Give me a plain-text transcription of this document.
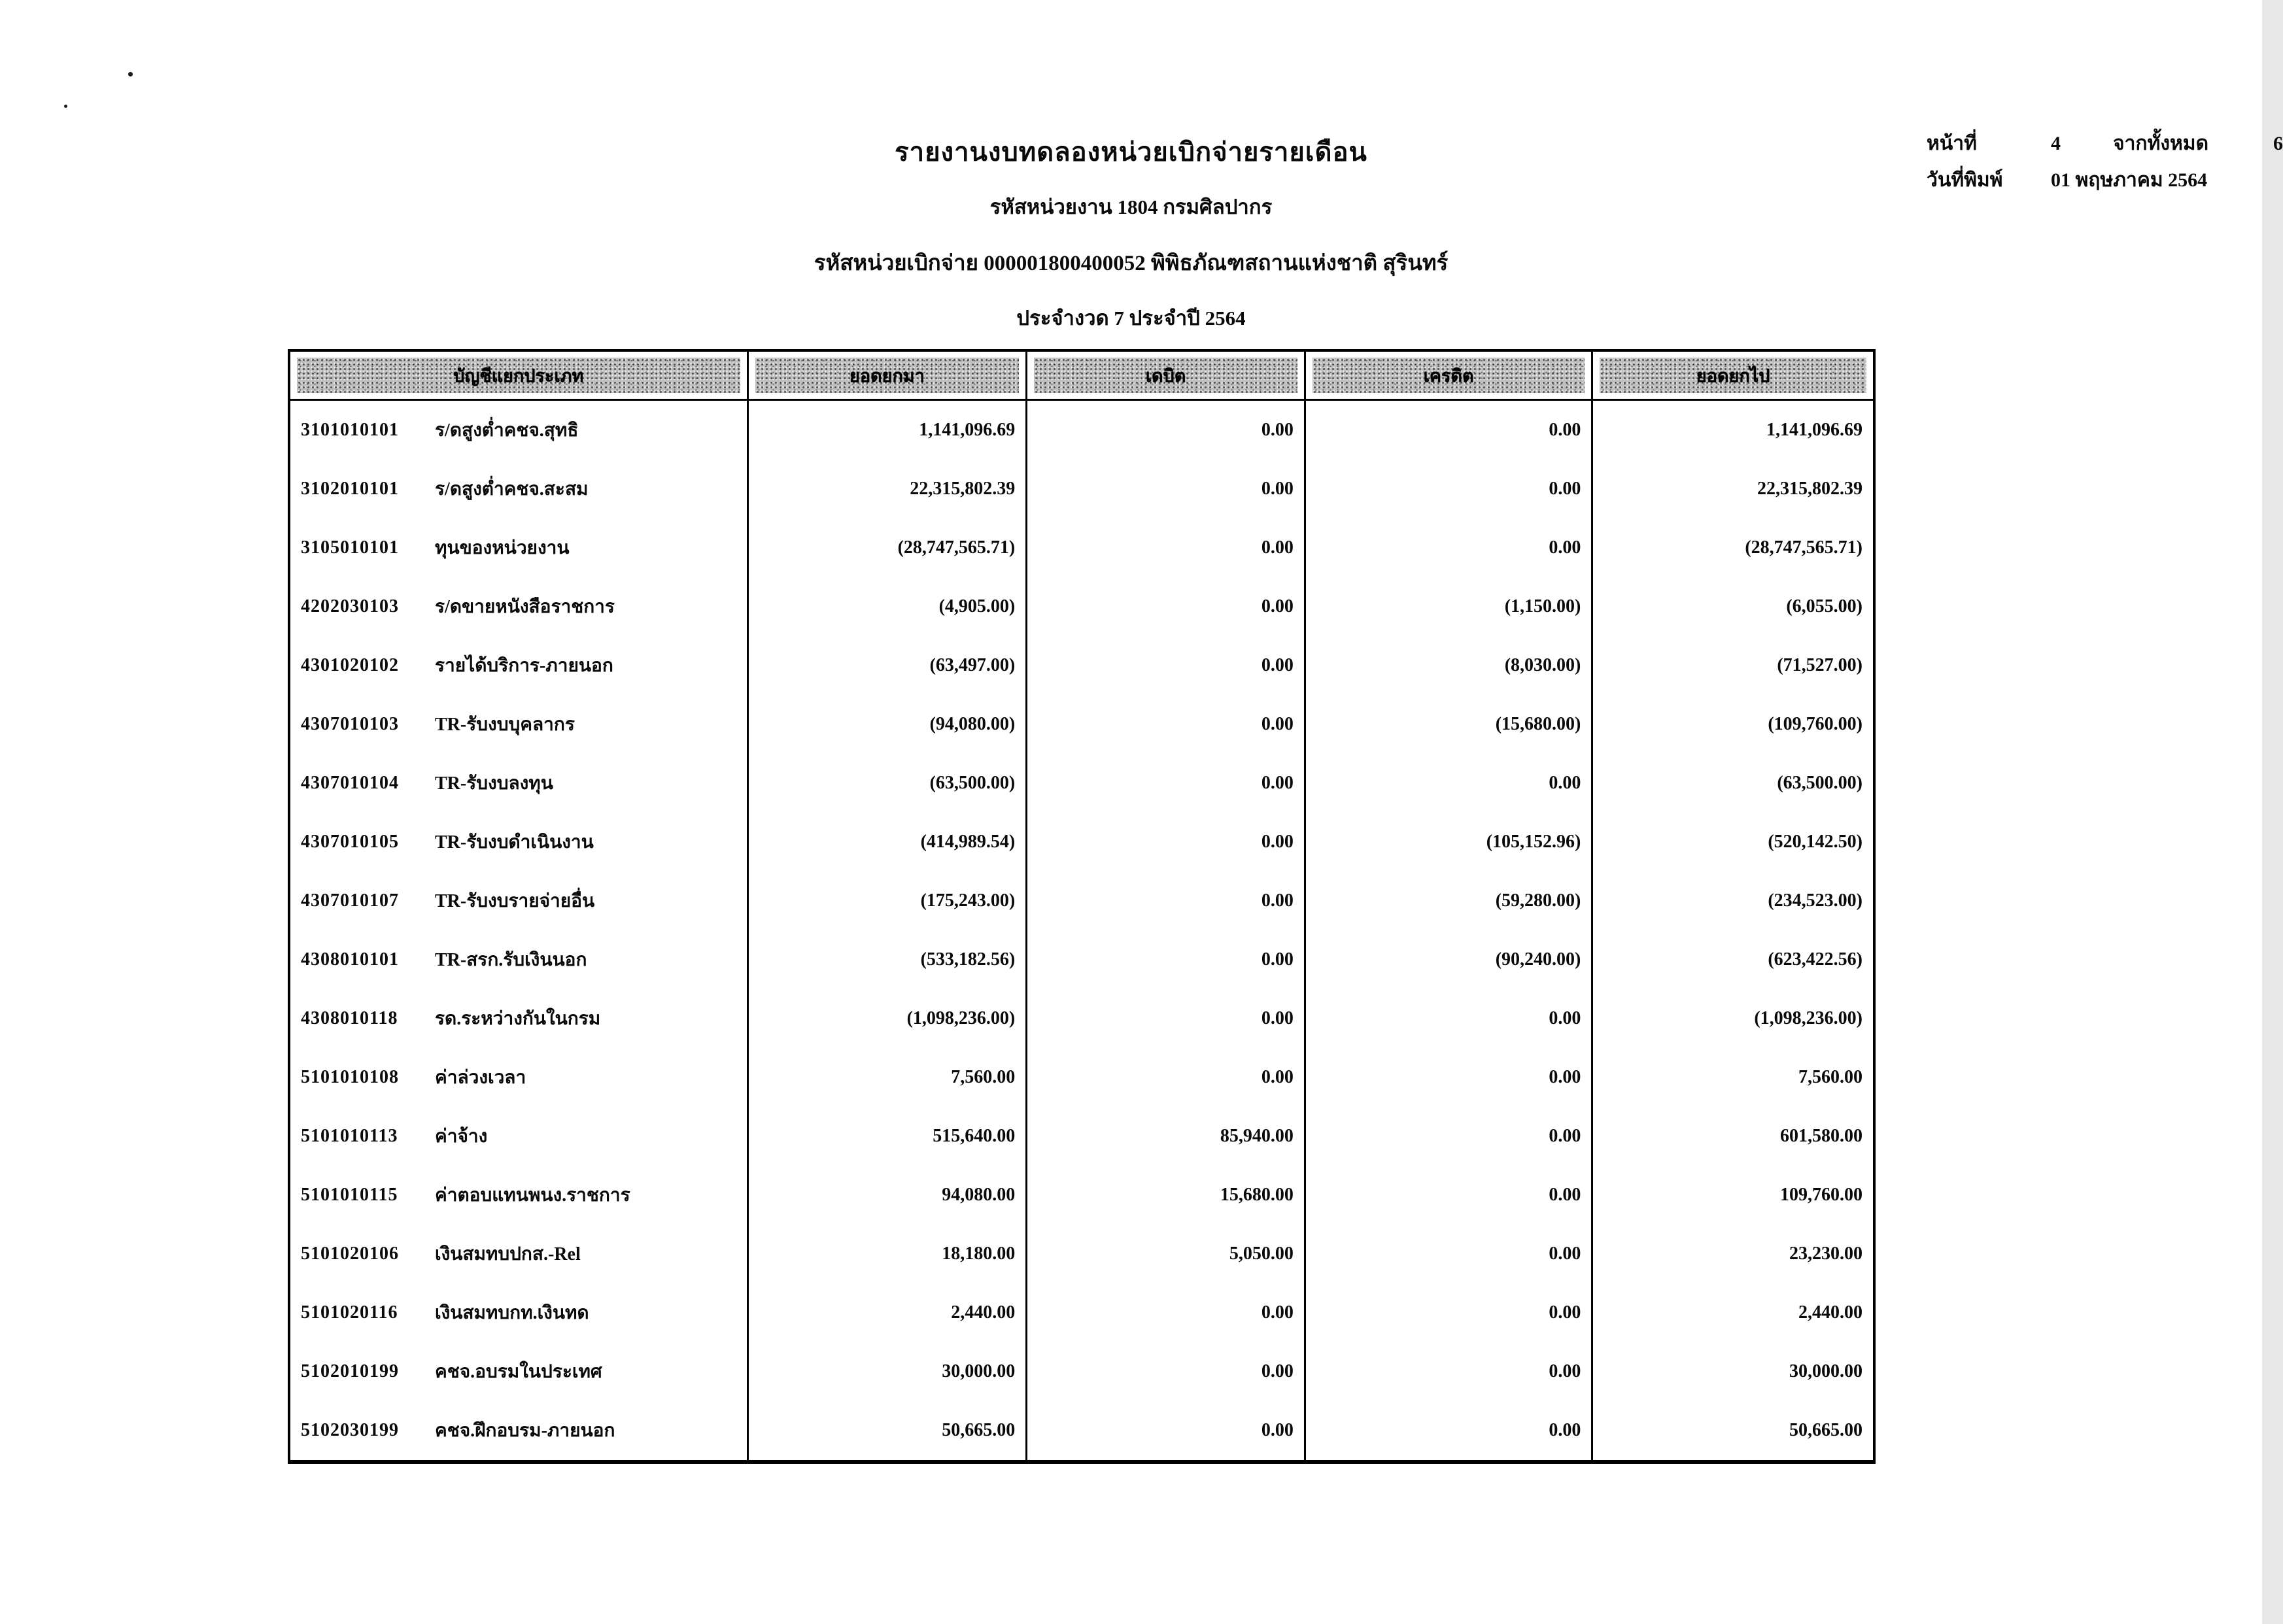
รายงานงบทดลองหน่วยเบิกจ่ายรายเดือน
รหัสหน่วยงาน 1804 กรมศิลปากร
รหัสหน่วยเบิกจ่าย 000001800400052 พิพิธภัณฑสถานแห่งชาติ สุรินทร์
ประจำงวด 7 ประจำปี 2564
หน้าที่	4	จากทั้งหมด	6
วันที่พิมพ์	01 พฤษภาคม 2564
บัญชีแยกประเภท	ยอดยกมา	เดบิต	เครดิต	ยอดยกไป
3101010101	ร/ดสูงต่ำคชจ.สุทธิ	1,141,096.69	0.00	0.00	1,141,096.69
3102010101	ร/ดสูงต่ำคชจ.สะสม	22,315,802.39	0.00	0.00	22,315,802.39
3105010101	ทุนของหน่วยงาน	(28,747,565.71)	0.00	0.00	(28,747,565.71)
4202030103	ร/ดขายหนังสือราชการ	(4,905.00)	0.00	(1,150.00)	(6,055.00)
4301020102	รายได้บริการ-ภายนอก	(63,497.00)	0.00	(8,030.00)	(71,527.00)
4307010103	TR-รับงบบุคลากร	(94,080.00)	0.00	(15,680.00)	(109,760.00)
4307010104	TR-รับงบลงทุน	(63,500.00)	0.00	0.00	(63,500.00)
4307010105	TR-รับงบดำเนินงาน	(414,989.54)	0.00	(105,152.96)	(520,142.50)
4307010107	TR-รับงบรายจ่ายอื่น	(175,243.00)	0.00	(59,280.00)	(234,523.00)
4308010101	TR-สรก.รับเงินนอก	(533,182.56)	0.00	(90,240.00)	(623,422.56)
4308010118	รด.ระหว่างกันในกรม	(1,098,236.00)	0.00	0.00	(1,098,236.00)
5101010108	ค่าล่วงเวลา	7,560.00	0.00	0.00	7,560.00
5101010113	ค่าจ้าง	515,640.00	85,940.00	0.00	601,580.00
5101010115	ค่าตอบแทนพนง.ราชการ	94,080.00	15,680.00	0.00	109,760.00
5101020106	เงินสมทบปกส.-Rel	18,180.00	5,050.00	0.00	23,230.00
5101020116	เงินสมทบกท.เงินทด	2,440.00	0.00	0.00	2,440.00
5102010199	คชจ.อบรมในประเทศ	30,000.00	0.00	0.00	30,000.00
5102030199	คชจ.ฝึกอบรม-ภายนอก	50,665.00	0.00	0.00	50,665.00
